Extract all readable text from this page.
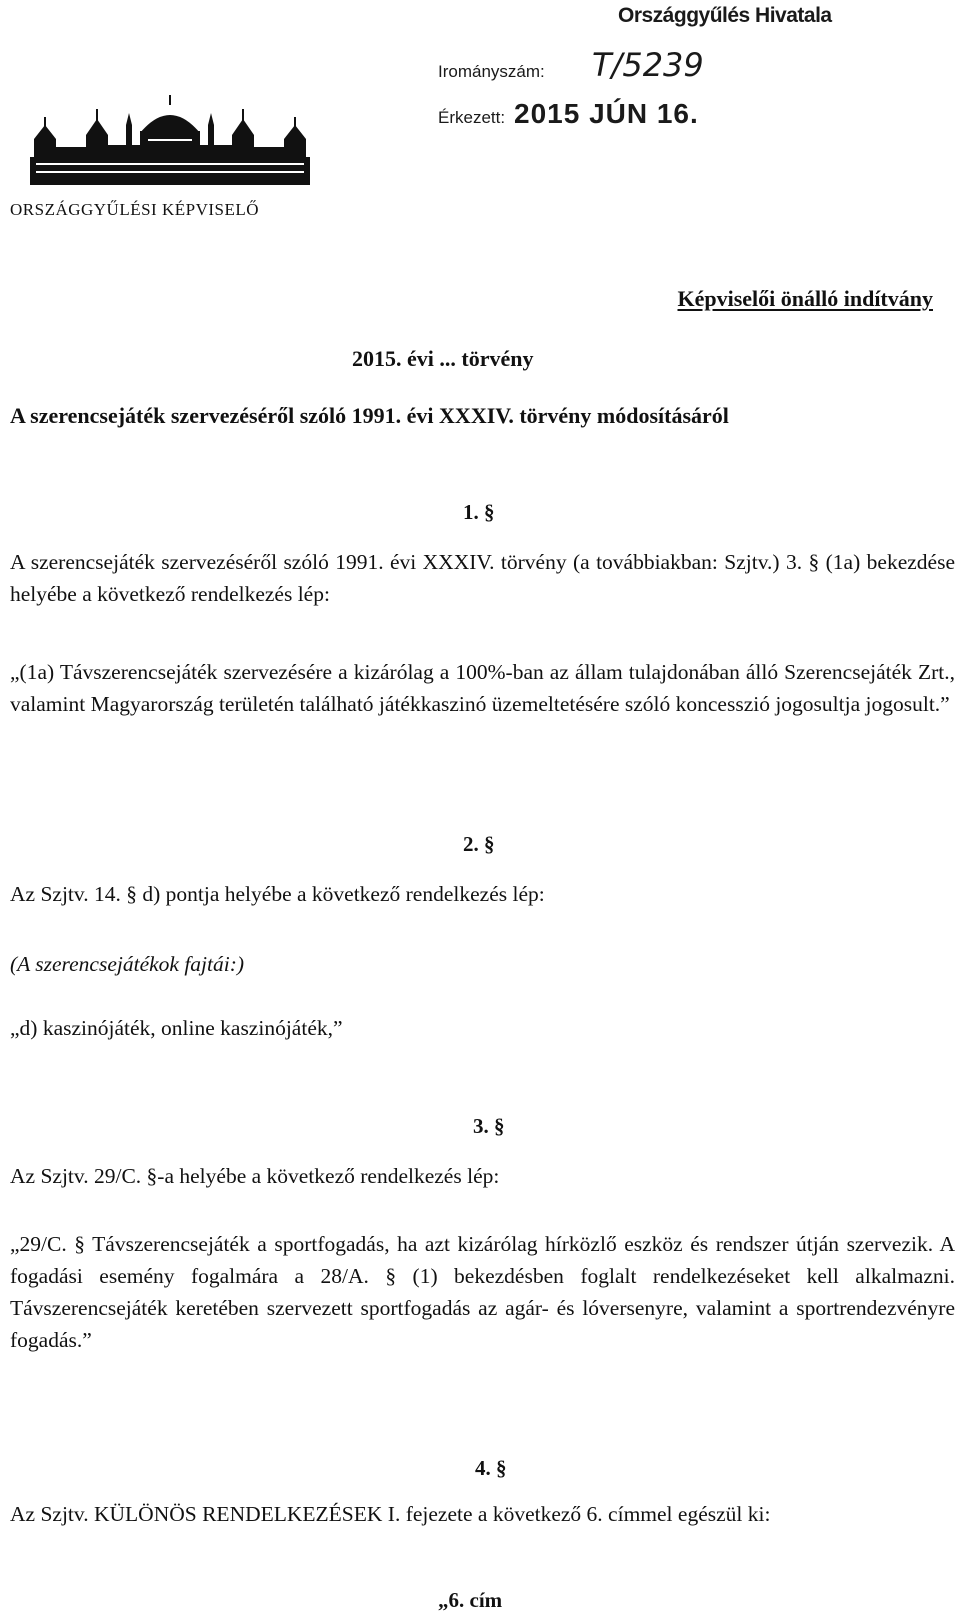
Országgyűlés Hivatala
Irományszám: T/5239
Érkezett: 2015 JÚN 16.
ORSZÁGGYŰLÉSI KÉPVISELŐ
Képviselői önálló indítvány
2015. évi ... törvény
A szerencsejáték szervezéséről szóló 1991. évi XXXIV. törvény módosításáról
1. §
A szerencsejáték szervezéséről szóló 1991. évi XXXIV. törvény (a továbbiakban: Szjtv.) 3. § (1a) bekezdése helyébe a következő rendelkezés lép:
„(1a) Távszerencsejáték szervezésére a kizárólag a 100%-ban az állam tulajdonában álló Szerencsejáték Zrt., valamint Magyarország területén található játékkaszinó üzemeltetésére szóló koncesszió jogosultja jogosult.”
2. §
Az Szjtv. 14. § d) pontja helyébe a következő rendelkezés lép:
(A szerencsejátékok fajtái:)
„d) kaszinójáték, online kaszinójáték,”
3. §
Az Szjtv. 29/C. §-a helyébe a következő rendelkezés lép:
„29/C. § Távszerencsejáték a sportfogadás, ha azt kizárólag hírközlő eszköz és rendszer útján szervezik. A fogadási esemény fogalmára a 28/A. § (1) bekezdésben foglalt rendelkezéseket kell alkalmazni. Távszerencsejáték keretében szervezett sportfogadás az agár- és lóversenyre, valamint a sportrendezvényre fogadás.”
4. §
Az Szjtv. KÜLÖNÖS RENDELKEZÉSEK I. fejezete a következő 6. címmel egészül ki:
„6. cím
